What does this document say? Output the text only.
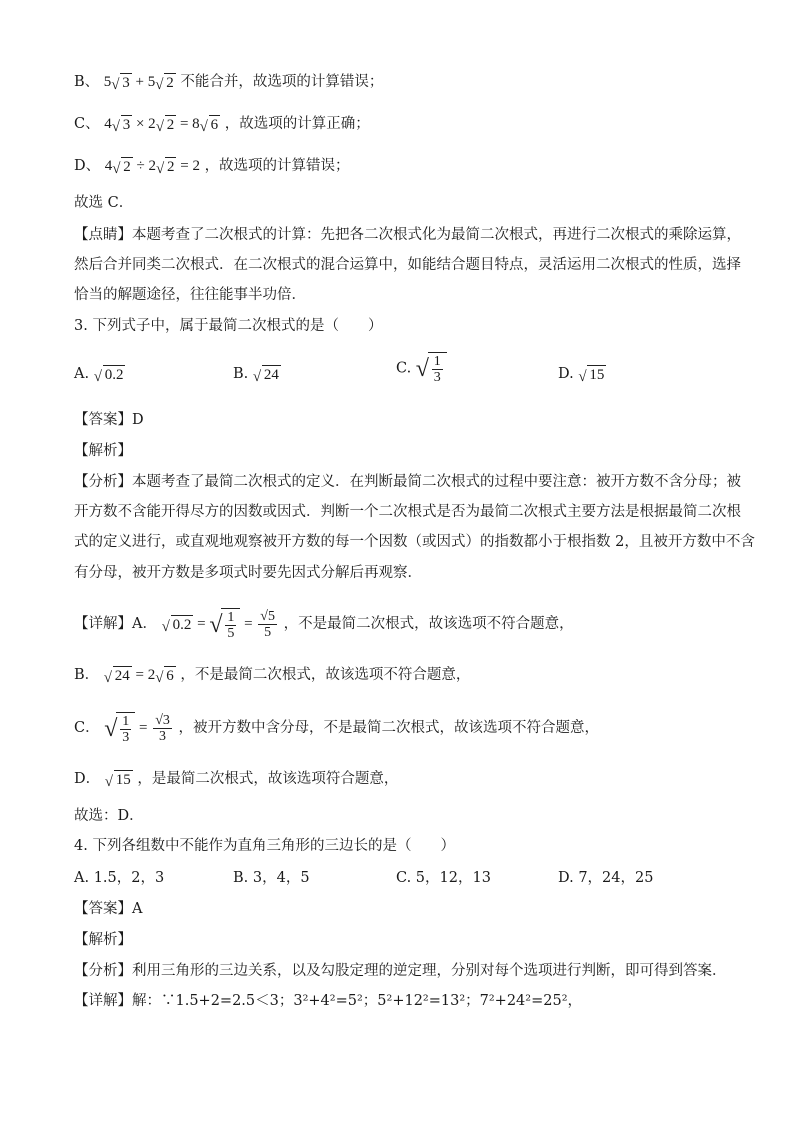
B、 5 √ 3 + 5 √ 2 不能合并，故选项的计算错误；
C、 4 √ 3 × 2 √ 2 = 8 √ 6 ，故选项的计算正确；
D、 4 √ 2 ÷ 2 √ 2 = 2 ，故选项的计算错误；
故选 C．
【点睛】本题考查了二次根式的计算：先把各二次根式化为最简二次根式，再进行二次根式的乘除运算，
然后合并同类二次根式．在二次根式的混合运算中，如能结合题目特点，灵活运用二次根式的性质，选择
恰当的解题途径，往往能事半功倍．
3. 下列式子中，属于最简二次根式的是（　　）
A. √ 0.2	B. √ 24	C. √ $\frac{1}{3}$	D. √ 15
【答案】D
【解析】
【分析】本题考查了最简二次根式的定义．在判断最简二次根式的过程中要注意：被开方数不含分母；被
开方数不含能开得尽方的因数或因式．判断一个二次根式是否为最简二次根式主要方法是根据最简二次根
式的定义进行，或直观地观察被开方数的每一个因数（或因式）的指数都小于根指数 2，且被开方数中不含
有分母，被开方数是多项式时要先因式分解后再观察．
【详解】A． √ 0.2 = √ $\frac{1}{5} = \frac{√5}{5}$ ，不是最简二次根式，故该选项不符合题意，
B． √ 24 = 2 √ 6 ，不是最简二次根式，故该选项不符合题意，
C． √ $\frac{1}{3} = \frac{√3}{3}$ ，被开方数中含分母，不是最简二次根式，故该选项不符合题意，
D． √ 15 ，是最简二次根式，故该选项符合题意，
故选：D．
4. 下列各组数中不能作为直角三角形的三边长的是（　　）
A. 1.5，2，3	B. 3，4，5	C. 5，12，13	D. 7，24，25
【答案】A
【解析】
【分析】利用三角形的三边关系，以及勾股定理的逆定理，分别对每个选项进行判断，即可得到答案．
【详解】解：∵1.5+2=2.5＜3；3²+4²=5²；5²+12²=13²；7²+24²=25²，
